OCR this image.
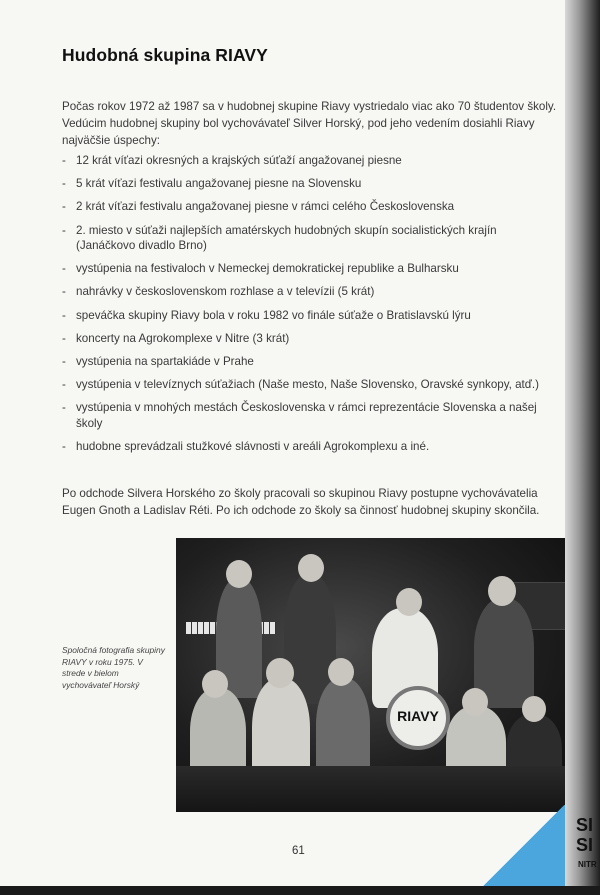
Hudobná skupina RIAVY

Počas rokov 1972 až 1987 sa v hudobnej skupine Riavy vystriedalo viac ako 70 študentov školy. Vedúcim hudobnej skupiny bol vychovávateľ Silver Horský, pod jeho vedením dosiahli Riavy najväčšie úspechy:

- 12 krát víťazi okresných a krajských súťaží angažovanej piesne
- 5 krát víťazi festivalu angažovanej piesne na Slovensku
- 2 krát víťazi festivalu angažovanej piesne v rámci celého Československa
- 2. miesto v súťaži najlepších amatérskych hudobných skupín socialistických krajín (Janáčkovo divadlo Brno)
- vystúpenia na festivaloch v Nemeckej demokratickej republike a Bulharsku
- nahrávky v československom rozhlase a v televízii (5 krát)
- speváčka skupiny Riavy bola v roku 1982 vo finále súťaže o Bratislavskú lýru
- koncerty na Agrokomplexe v Nitre (3 krát)
- vystúpenia na spartakiáde v Prahe
- vystúpenia v televíznych súťažiach (Naše mesto, Naše Slovensko, Oravské synkopy, atď.)
- vystúpenia v mnohých mestách Československa v rámci reprezentácie Slovenska a našej školy
- hudobne sprevádzali stužkové slávnosti v areáli Agrokomplexu a iné.

Po odchode Silvera Horského zo školy pracovali so skupinou Riavy postupne vychovávatelia Eugen Gnoth a Ladislav Réti. Po ich odchode zo školy sa činnosť hudobnej skupiny skončila.

Spoločná fotografia skupiny RIAVY v roku 1975. V strede v bielom vychovávateľ Horský

RIAVY

61

SI
SI
NITR
